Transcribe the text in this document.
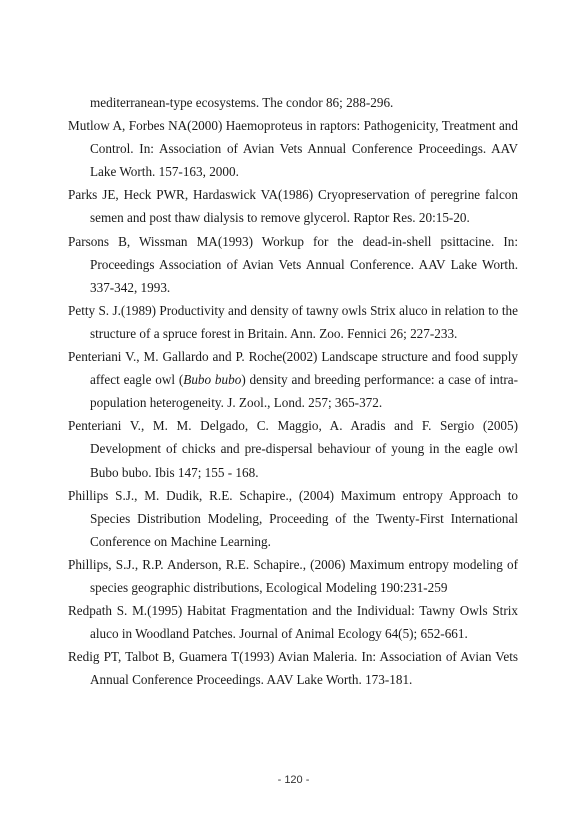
mediterranean-type ecosystems. The condor 86; 288-296.

Mutlow A, Forbes NA(2000) Haemoproteus in raptors: Pathogenicity, Treatment and Control. In: Association of Avian Vets Annual Conference Proceedings. AAV Lake Worth. 157-163, 2000.

Parks JE, Heck PWR, Hardaswick VA(1986) Cryopreservation of peregrine falcon semen and post thaw dialysis to remove glycerol. Raptor Res. 20:15-20.

Parsons B, Wissman MA(1993) Workup for the dead-in-shell psittacine. In: Proceedings Association of Avian Vets Annual Conference. AAV Lake Worth. 337-342, 1993.

Petty S. J.(1989) Productivity and density of tawny owls Strix aluco in relation to the structure of a spruce forest in Britain. Ann. Zoo. Fennici 26; 227-233.

Penteriani V., M. Gallardo and P. Roche(2002) Landscape structure and food supply affect eagle owl (Bubo bubo) density and breeding performance: a case of intra-population heterogeneity. J. Zool., Lond. 257; 365-372.

Penteriani V., M. M. Delgado, C. Maggio, A. Aradis and F. Sergio (2005) Development of chicks and pre-dispersal behaviour of young in the eagle owl Bubo bubo. Ibis 147; 155 - 168.

Phillips S.J., M. Dudik, R.E. Schapire., (2004) Maximum entropy Approach to Species Distribution Modeling, Proceeding of the Twenty-First International Conference on Machine Learning.

Phillips, S.J., R.P. Anderson, R.E. Schapire., (2006) Maximum entropy modeling of species geographic distributions, Ecological Modeling 190:231-259

Redpath S. M.(1995) Habitat Fragmentation and the Individual: Tawny Owls Strix aluco in Woodland Patches. Journal of Animal Ecology 64(5); 652-661.

Redig PT, Talbot B, Guamera T(1993) Avian Maleria. In: Association of Avian Vets Annual Conference Proceedings. AAV Lake Worth. 173-181.

- 120 -
